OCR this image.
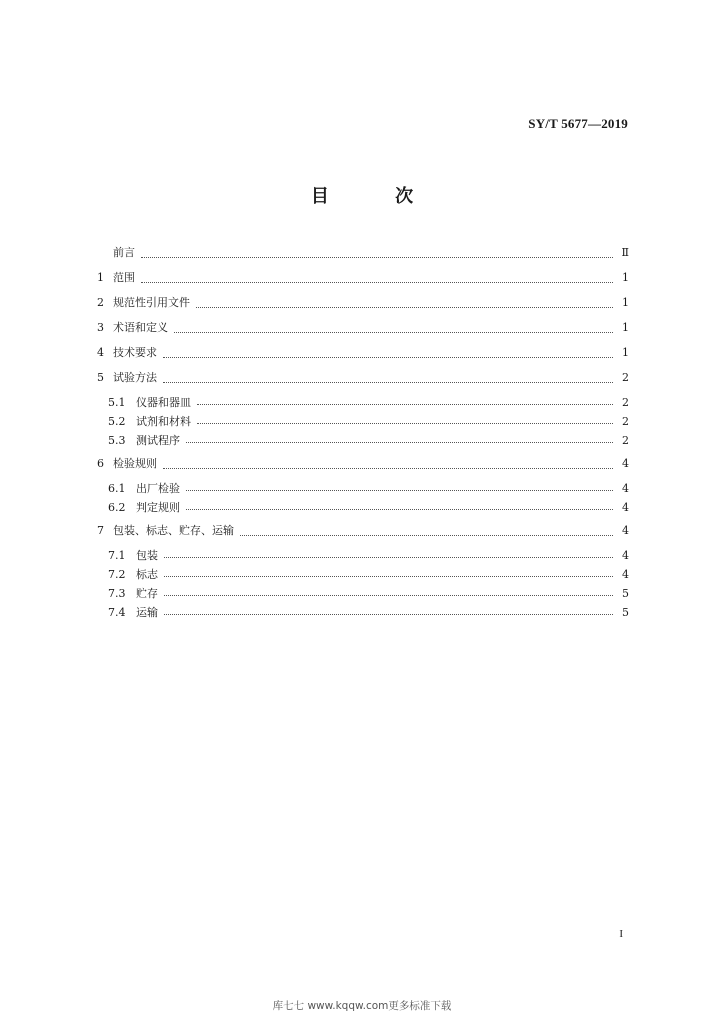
SY/T 5677—2019
目 次
前言	Ⅱ
1 范围	1
2 规范性引用文件	1
3 术语和定义	1
4 技术要求	1
5 试验方法	2
5.1 仪器和器皿	2
5.2 试剂和材料	2
5.3 测试程序	2
6 检验规则	4
6.1 出厂检验	4
6.2 判定规则	4
7 包装、标志、贮存、运输	4
7.1 包装	4
7.2 标志	4
7.3 贮存	5
7.4 运输	5
I
库七七 www.kqqw.com更多标准下载
